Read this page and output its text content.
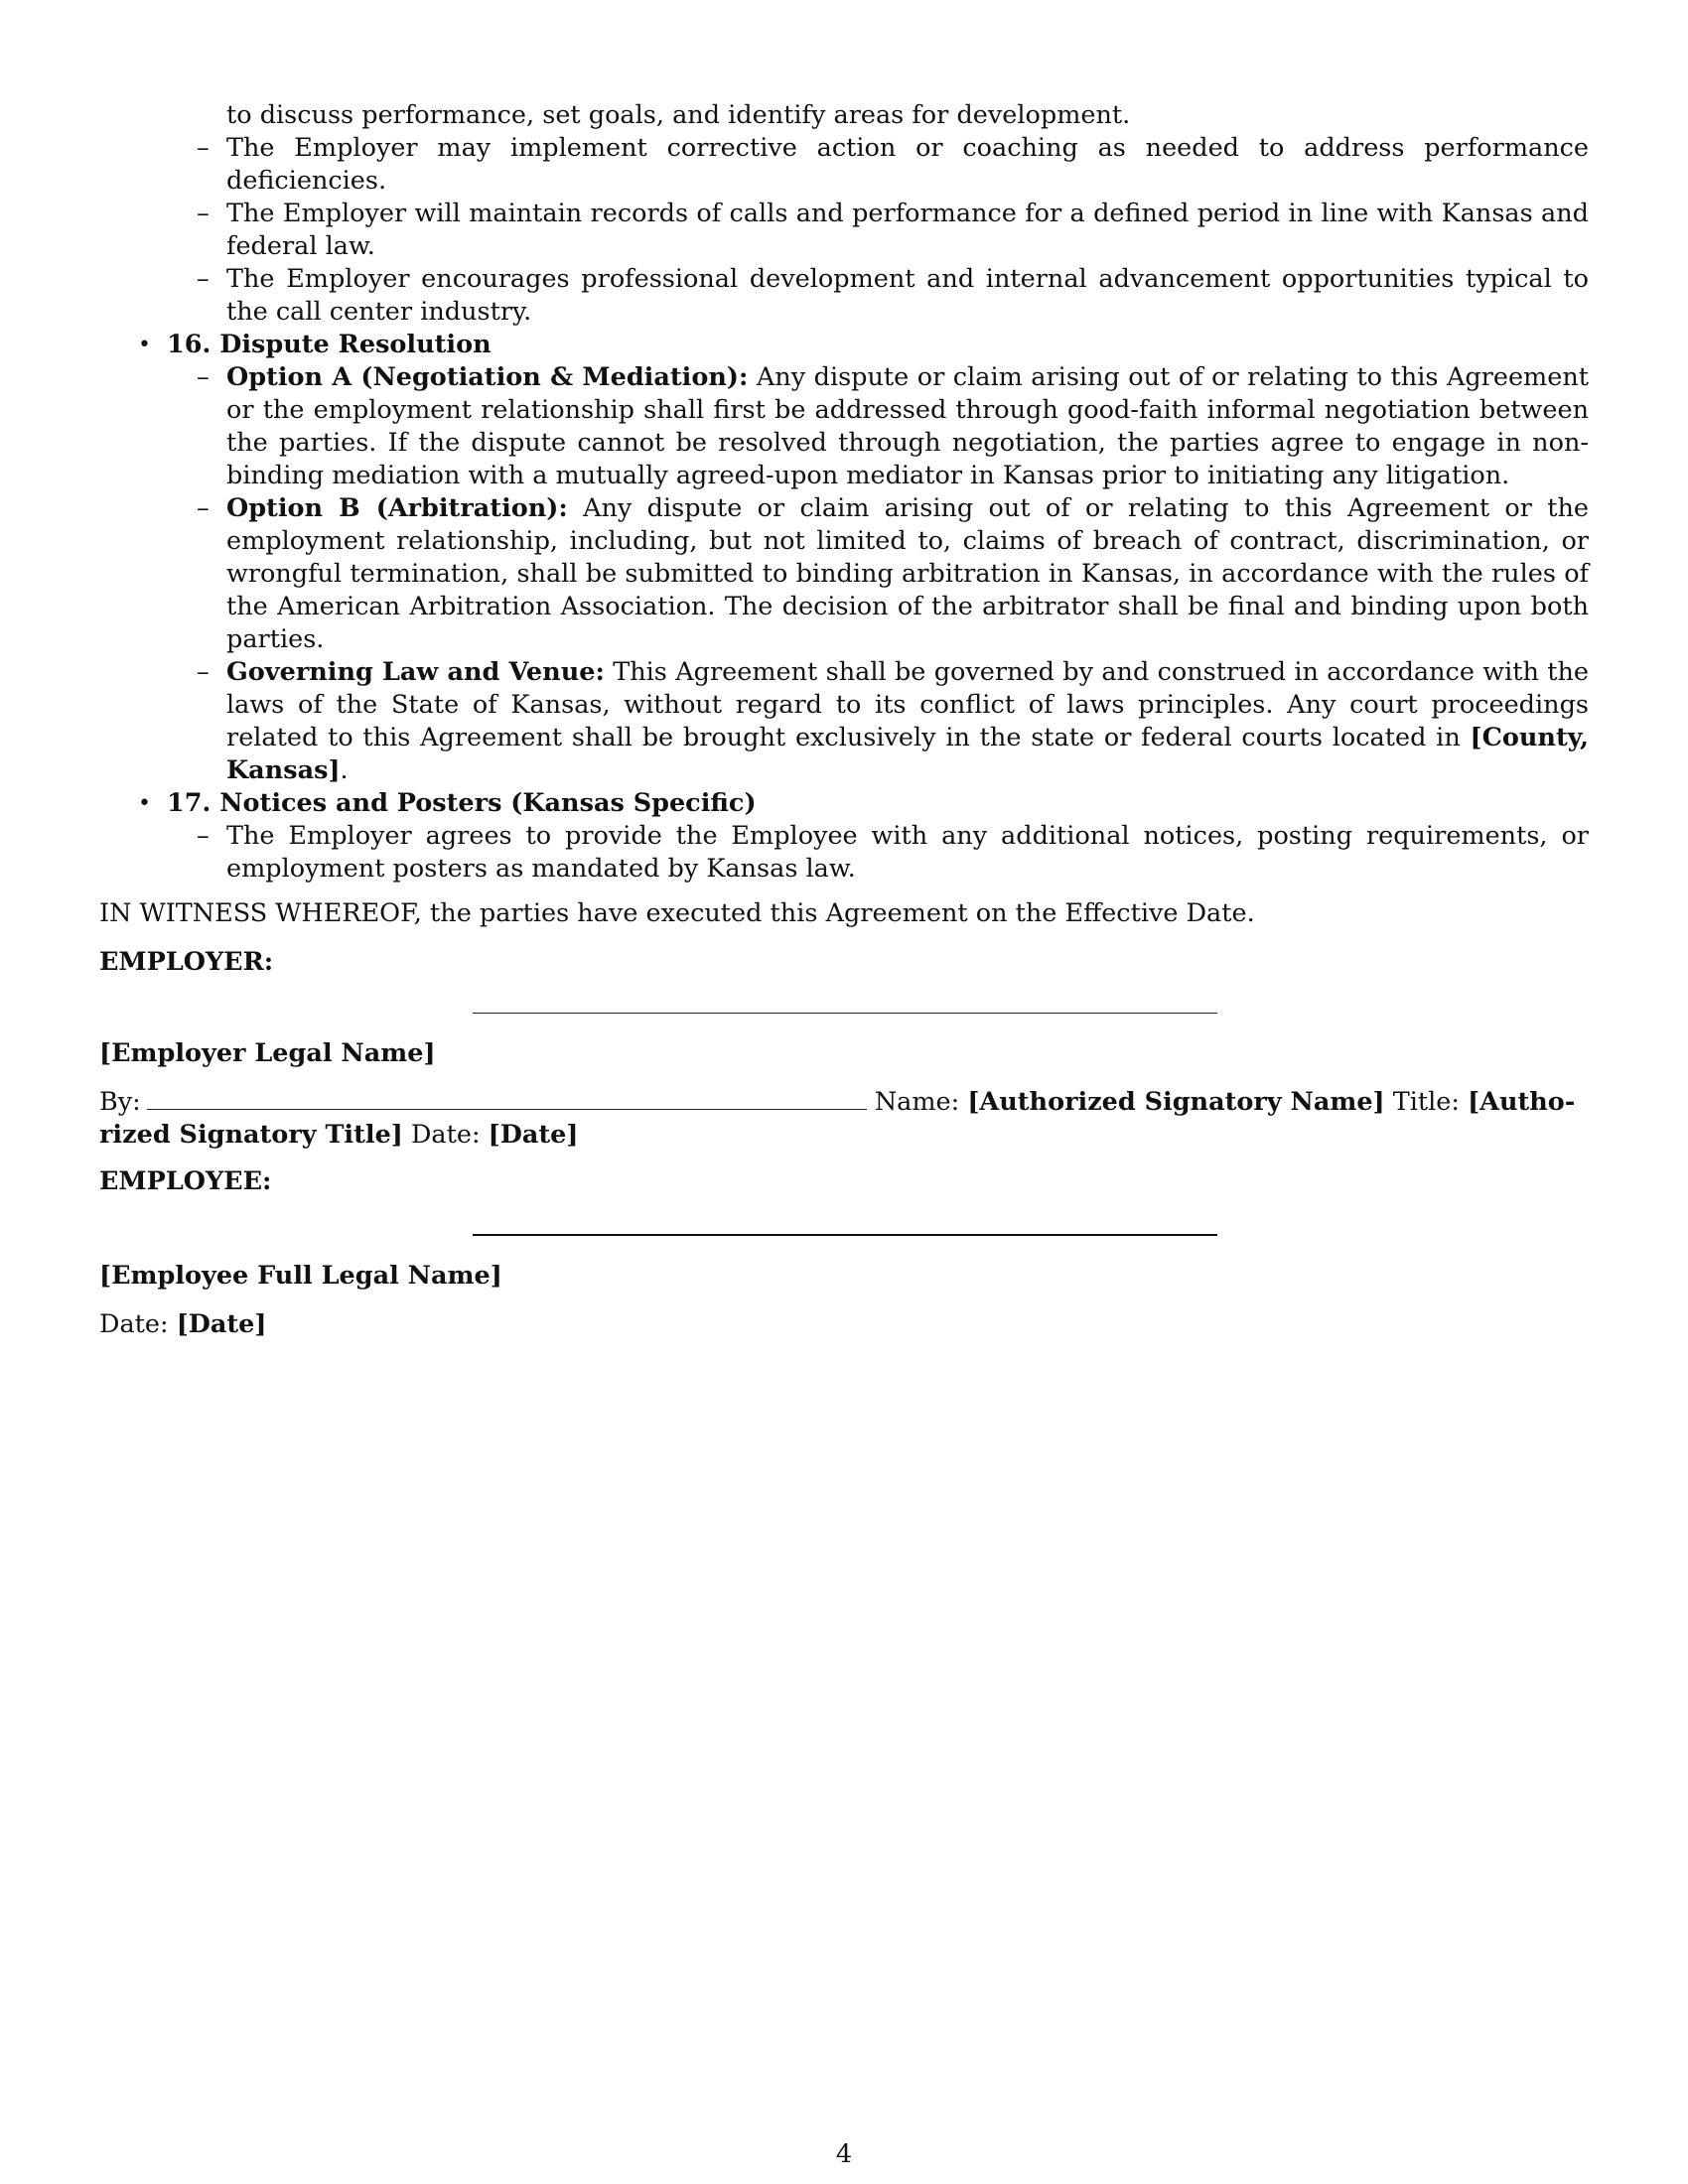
to discuss performance, set goals, and identify areas for development.
– The Employer may implement corrective action or coaching as needed to address performance deficiencies.
– The Employer will maintain records of calls and performance for a defined period in line with Kansas and federal law.
– The Employer encourages professional development and internal advancement opportunities typical to the call center industry.
• 16. Dispute Resolution
– Option A (Negotiation & Mediation): Any dispute or claim arising out of or relating to this Agreement or the employment relationship shall first be addressed through good-faith informal negotiation between the parties. If the dispute cannot be resolved through negotiation, the parties agree to engage in non-binding mediation with a mutually agreed-upon mediator in Kansas prior to initiating any litigation.
– Option B (Arbitration): Any dispute or claim arising out of or relating to this Agreement or the employment relationship, including, but not limited to, claims of breach of contract, discrimination, or wrongful termination, shall be submitted to binding arbitration in Kansas, in accordance with the rules of the American Arbitration Association. The decision of the arbitrator shall be final and binding upon both parties.
– Governing Law and Venue: This Agreement shall be governed by and construed in accordance with the laws of the State of Kansas, without regard to its conflict of laws principles. Any court proceedings related to this Agreement shall be brought exclusively in the state or federal courts located in [County, Kansas].
• 17. Notices and Posters (Kansas Specific)
– The Employer agrees to provide the Employee with any additional notices, posting requirements, or employment posters as mandated by Kansas law.
IN WITNESS WHEREOF, the parties have executed this Agreement on the Effective Date.
EMPLOYER:
[Employer Legal Name]
By:	Name: [Authorized Signatory Name] Title: [Autho-
rized Signatory Title] Date: [Date]
EMPLOYEE:
[Employee Full Legal Name]
Date: [Date]
4
